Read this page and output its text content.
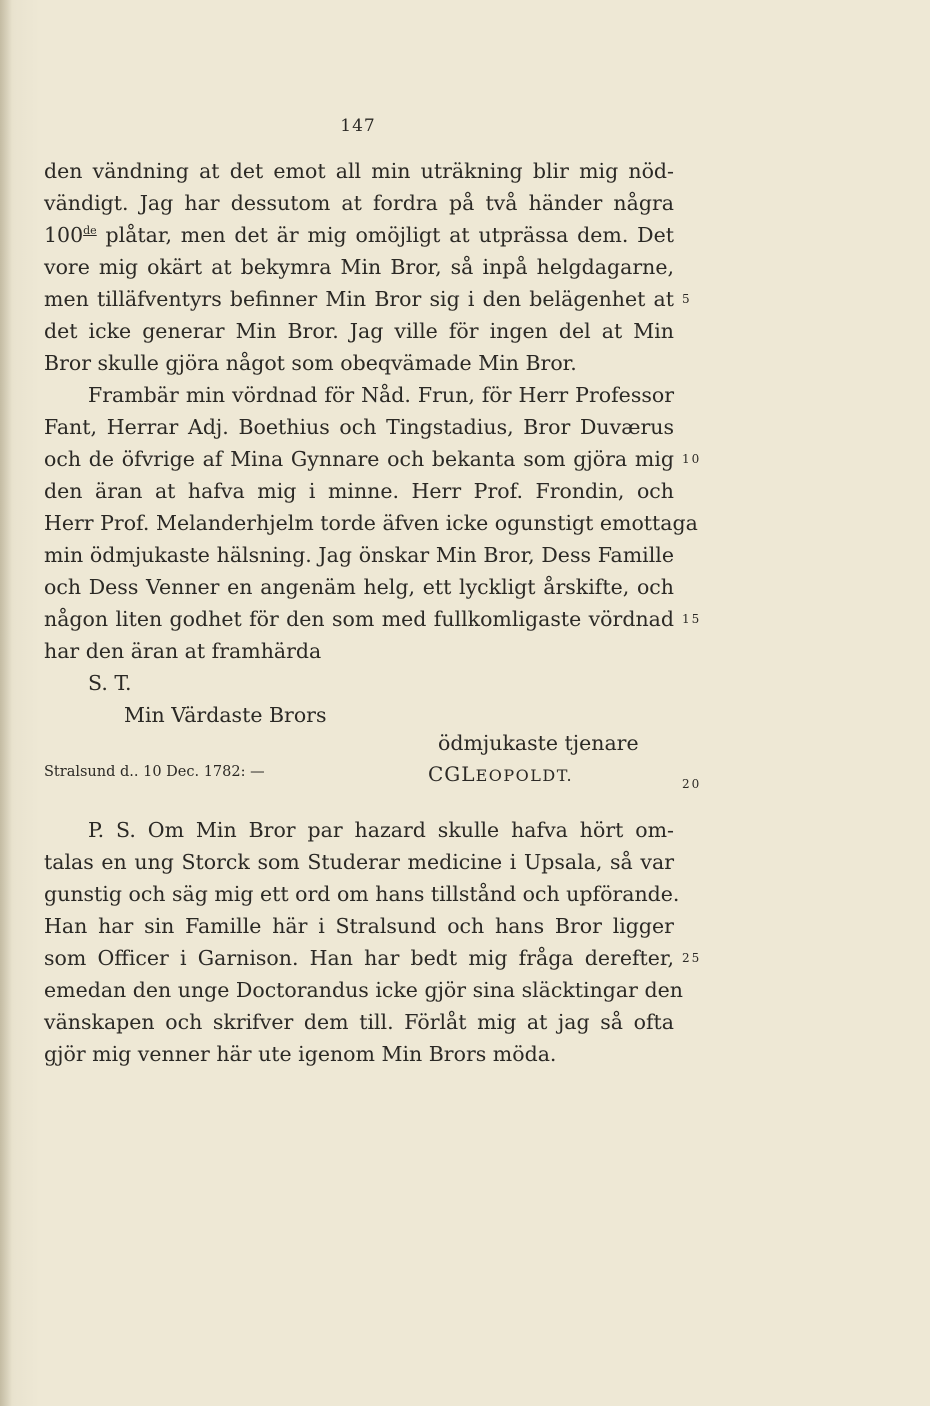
147
den vändning at det emot all min uträkning blir mig nöd-
vändigt. Jag har dessutom at fordra på två händer några
100de plåtar, men det är mig omöjligt at utprässa dem. Det
vore mig okärt at bekymra Min Bror, så inpå helgdagarne,
men tilläfventyrs befinner Min Bror sig i den belägenhet at
det icke generar Min Bror. Jag ville för ingen del at Min
Bror skulle gjöra något som obeqvämade Min Bror.
Frambär min vördnad för Nåd. Frun, för Herr Professor
Fant, Herrar Adj. Boethius och Tingstadius, Bror Duværus
och de öfvrige af Mina Gynnare och bekanta som gjöra mig
den äran at hafva mig i minne. Herr Prof. Frondin, och
Herr Prof. Melanderhjelm torde äfven icke ogunstigt emottaga
min ödmjukaste hälsning. Jag önskar Min Bror, Dess Famille
och Dess Venner en angenäm helg, ett lyckligt årskifte, och
någon liten godhet för den som med fullkomligaste vördnad
har den äran at framhärda
S. T.
Min Värdaste Brors
ödmjukaste tjenare
Stralsund d.. 10 Dec. 1782: —	CGLEOPOLDT.
P. S. Om Min Bror par hazard skulle hafva hört om-
talas en ung Storck som Studerar medicine i Upsala, så var
gunstig och säg mig ett ord om hans tillstånd och upförande.
Han har sin Famille här i Stralsund och hans Bror ligger
som Officer i Garnison. Han har bedt mig fråga derefter,
emedan den unge Doctorandus icke gjör sina släcktingar den
vänskapen och skrifver dem till. Förlåt mig at jag så ofta
gjör mig venner här ute igenom Min Brors möda.
5
10
15
20
25
